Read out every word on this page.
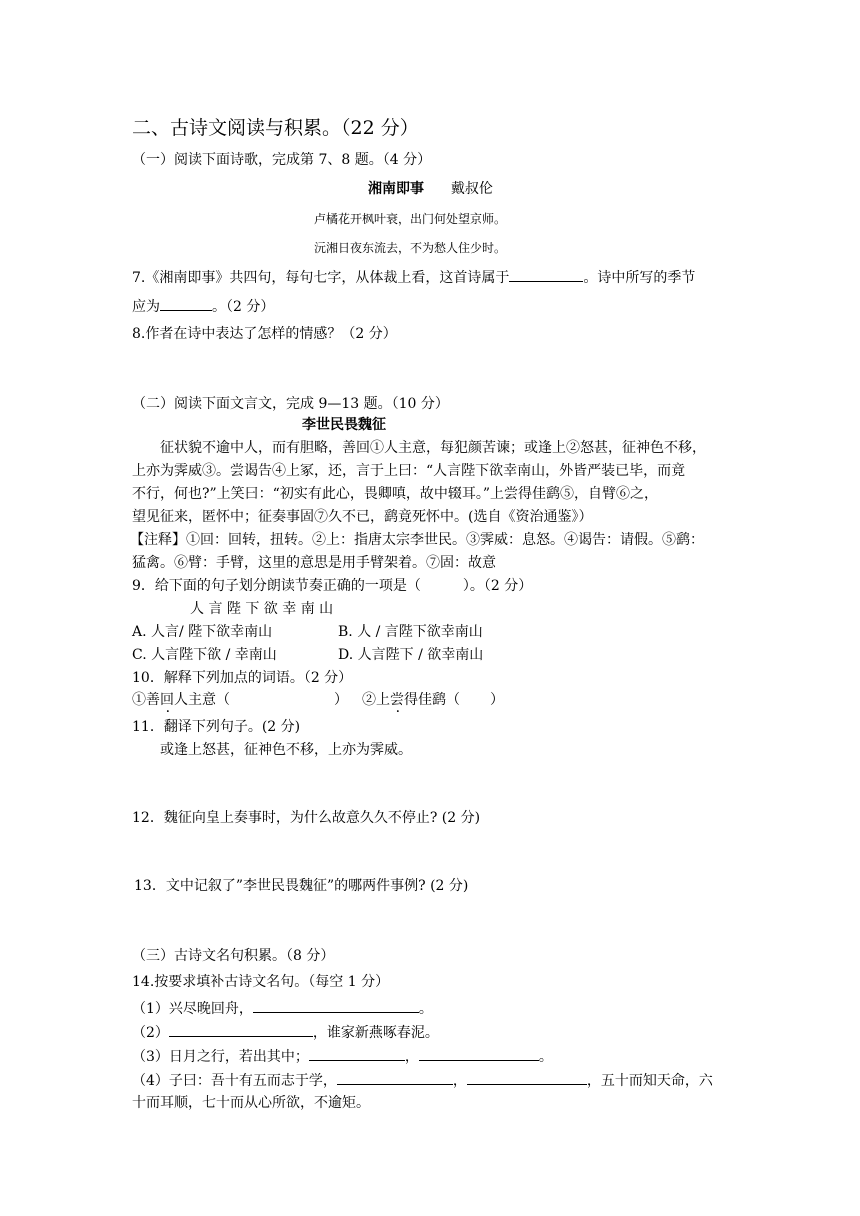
二、古诗文阅读与积累。（22 分）
（一）阅读下面诗歌，完成第 7、8 题。（4 分）
湘南即事 戴叔伦
卢橘花开枫叶衰，出门何处望京师。
沅湘日夜东流去，不为愁人住少时。
7.《湘南即事》共四句，每句七字，从体裁上看，这首诗属于	。诗中所写的季节
应为	。（2 分）
8.作者在诗中表达了怎样的情感？（2 分）
（二）阅读下面文言文，完成 9—13 题。（10 分）
李世民畏魏征
征状貌不逾中人，而有胆略，善回①人主意，每犯颜苦谏；或逢上②怒甚，征神色不移，
上亦为霁威③。尝谒告④上冢，还，言于上曰：“人言陛下欲幸南山，外皆严装已毕，而竟
不行，何也?”上笑曰：“初实有此心，畏卿嗔，故中辍耳。”上尝得佳鹞⑤，自臂⑥之，
望见征来，匿怀中；征奏事固⑦久不已，鹞竟死怀中。(选自《资治通鉴》）
【注释】①回：回转，扭转。②上：指唐太宗李世民。③霁威：息怒。④谒告：请假。⑤鹞：
猛禽。⑥臂：手臂，这里的意思是用手臂架着。⑦固：故意
9．给下面的句子划分朗读节奏正确的一项是（　　　）。（2 分）
人 言 陛 下 欲 幸 南 山
A. 人言/ 陛下欲幸南山	B. 人 / 言陛下欲幸南山
C. 人言陛下欲 / 幸南山	D. 人言陛下 / 欲幸南山
10．解释下列加点的词语。（2 分）
①善回人主意（	） ②上尝得佳鹞（ ）
11．翻译下列句子。(2 分)
或逢上怒甚，征神色不移，上亦为霁威。
12．魏征向皇上奏事时，为什么故意久久不停止? (2 分)
13．文中记叙了”李世民畏魏征”的哪两件事例? (2 分)
（三）古诗文名句积累。（8 分）
14.按要求填补古诗文名句。（每空 1 分）
（1）兴尽晚回舟，	。
（2）	，谁家新燕啄春泥。
（3）日月之行，若出其中；	，	。
（4）子曰：吾十有五而志于学，	，	，五十而知天命，六
十而耳顺，七十而从心所欲，不逾矩。
